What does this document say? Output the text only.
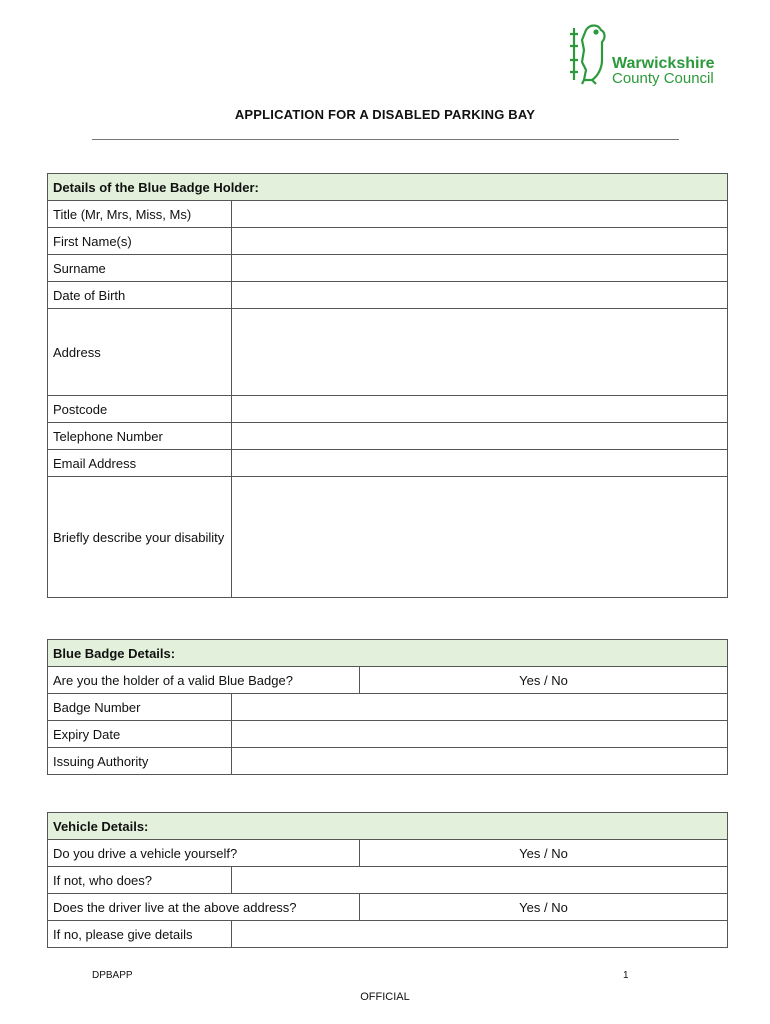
Warwickshire
County Council
APPLICATION FOR A DISABLED PARKING BAY
Details of the Blue Badge Holder:	
Title (Mr, Mrs, Miss, Ms)	
First Name(s)	
Surname	
Date of Birth	
Address	
Postcode	
Telephone Number	
Email Address	
Briefly describe your disability	
Blue Badge Details:		
Are you the holder of a valid Blue Badge?		Yes / No
Badge Number		
Expiry Date		
Issuing Authority		
Vehicle Details:		
Do you drive a vehicle yourself?		Yes / No
If not, who does?		
Does the driver live at the above address?		Yes / No
If no, please give details		
DPBAPP	1
OFFICIAL
